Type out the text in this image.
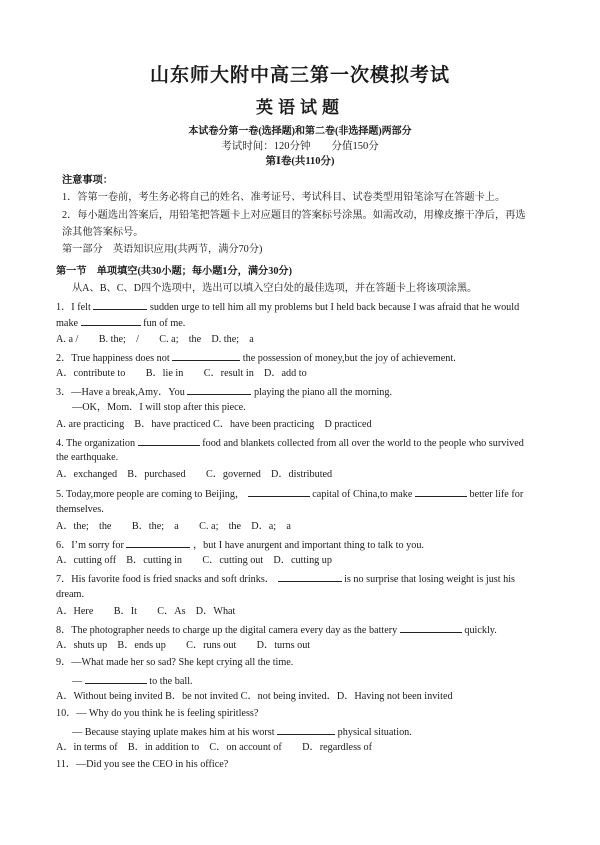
山东师大附中高三第一次模拟考试
英语试题
本试卷分第一卷(选择题)和第二卷(非选择题)两部分
考试时间：120分钟　　分值150分
第Ⅰ卷(共110分)
注意事项：
1．答第一卷前，考生务必将自己的姓名、准考证号、考试科目、试卷类型用铅笔涂写在答题卡上。
2．每小题选出答案后，用铅笔把答题卡上对应题目的答案标号涂黑。如需改动，用橡皮擦干净后，再选
涂其他答案标号。
第一部分　英语知识应用(共两节，满分70分)
第一节　单项填空(共30小题；每小题1分，满分30分)
从A、B、C、D四个选项中，选出可以填入空白处的最佳选项，并在答题卡上将该项涂黑。
1．I felt	sudden urge to tell him all my problems but I held back because I was afraid that he would
make	fun of me.
A. a /　　B. the;　/　　C. a;　the　D. the;　a
2．True happiness does not	the possession of money,but the joy of achievement.
A．contribute to　　B．lie in　　C．result in　D．add to
3．—Have a break,Amy．You	playing the piano all the morning.
—OK，Mom．I will stop after this piece.
A. are practicing　B．have practiced C．have been practicing　D practiced
4. The organization	food and blankets collected from all over the world to the people who survived
the earthquake.
A．exchanged　B．purchased　　C．governed　D．distributed
5. Today,more people are coming to Beijing，	capital of China,to make	better life for
themselves.
A．the;　the　　B．the;　a　　C. a;　the　D．a;　a
6．I’m sorry for	，but I have anurgent and important thing to talk to you.
A．cutting off　B．cutting in　　C．cutting out　D．cutting up
7．His favorite food is fried snacks and soft drinks．	is no surprise that losing weight is just his
dream.
A．Here　　B．It　　C．As　D．What
8．The photographer needs to charge up the digital camera every day as the battery	quickly.
A．shuts up　B．ends up　　C．runs out　　D．turns out
9．—What made her so sad? She kept crying all the time.
—	to the ball.
A．Without being invited B．be not invited C．not being invited．D．Having not been invited
10．— Why do you think he is feeling spiritless?
— Because staying uplate makes him at his worst	physical situation.
A．in terms of　B．in addition to　C．on account of　　D．regardless of
11．—Did you see the CEO in his office?
